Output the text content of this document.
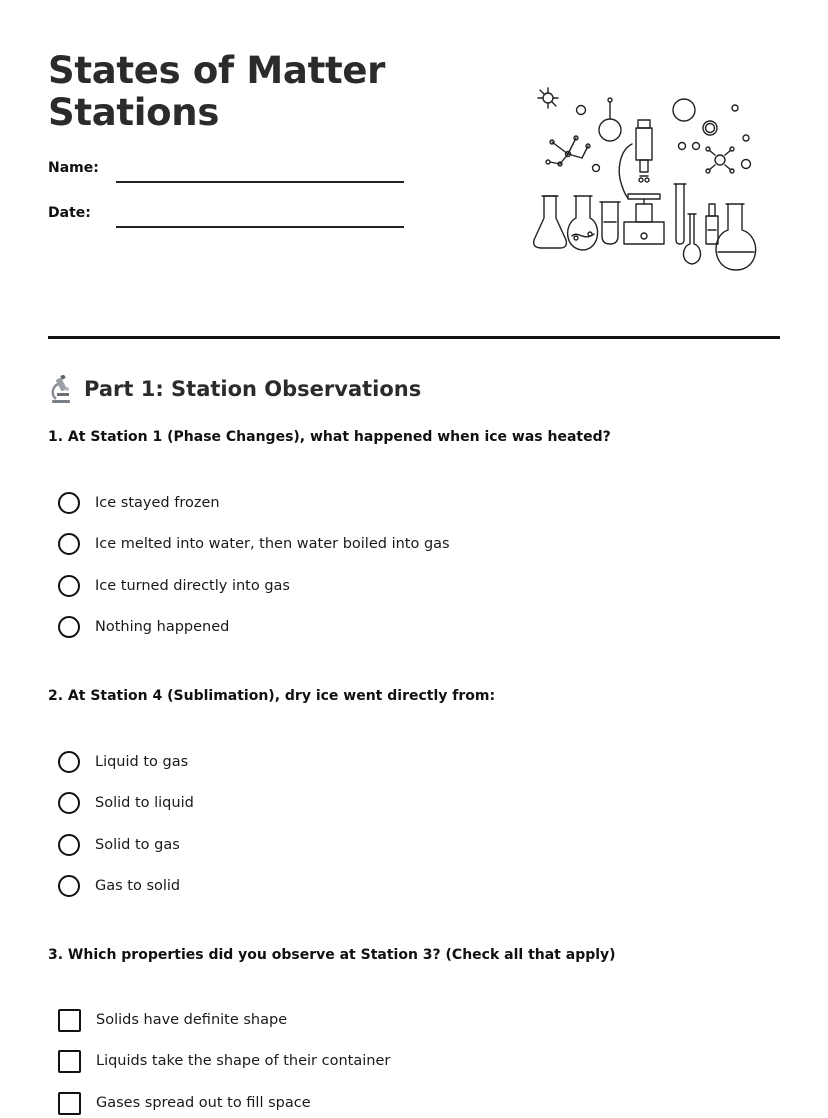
States of Matter Stations
Name:
Date:
Part 1: Station Observations
1. At Station 1 (Phase Changes), what happened when ice was heated?
Ice stayed frozen
Ice melted into water, then water boiled into gas
Ice turned directly into gas
Nothing happened
2. At Station 4 (Sublimation), dry ice went directly from:
Liquid to gas
Solid to liquid
Solid to gas
Gas to solid
3. Which properties did you observe at Station 3? (Check all that apply)
Solids have definite shape
Liquids take the shape of their container
Gases spread out to fill space
